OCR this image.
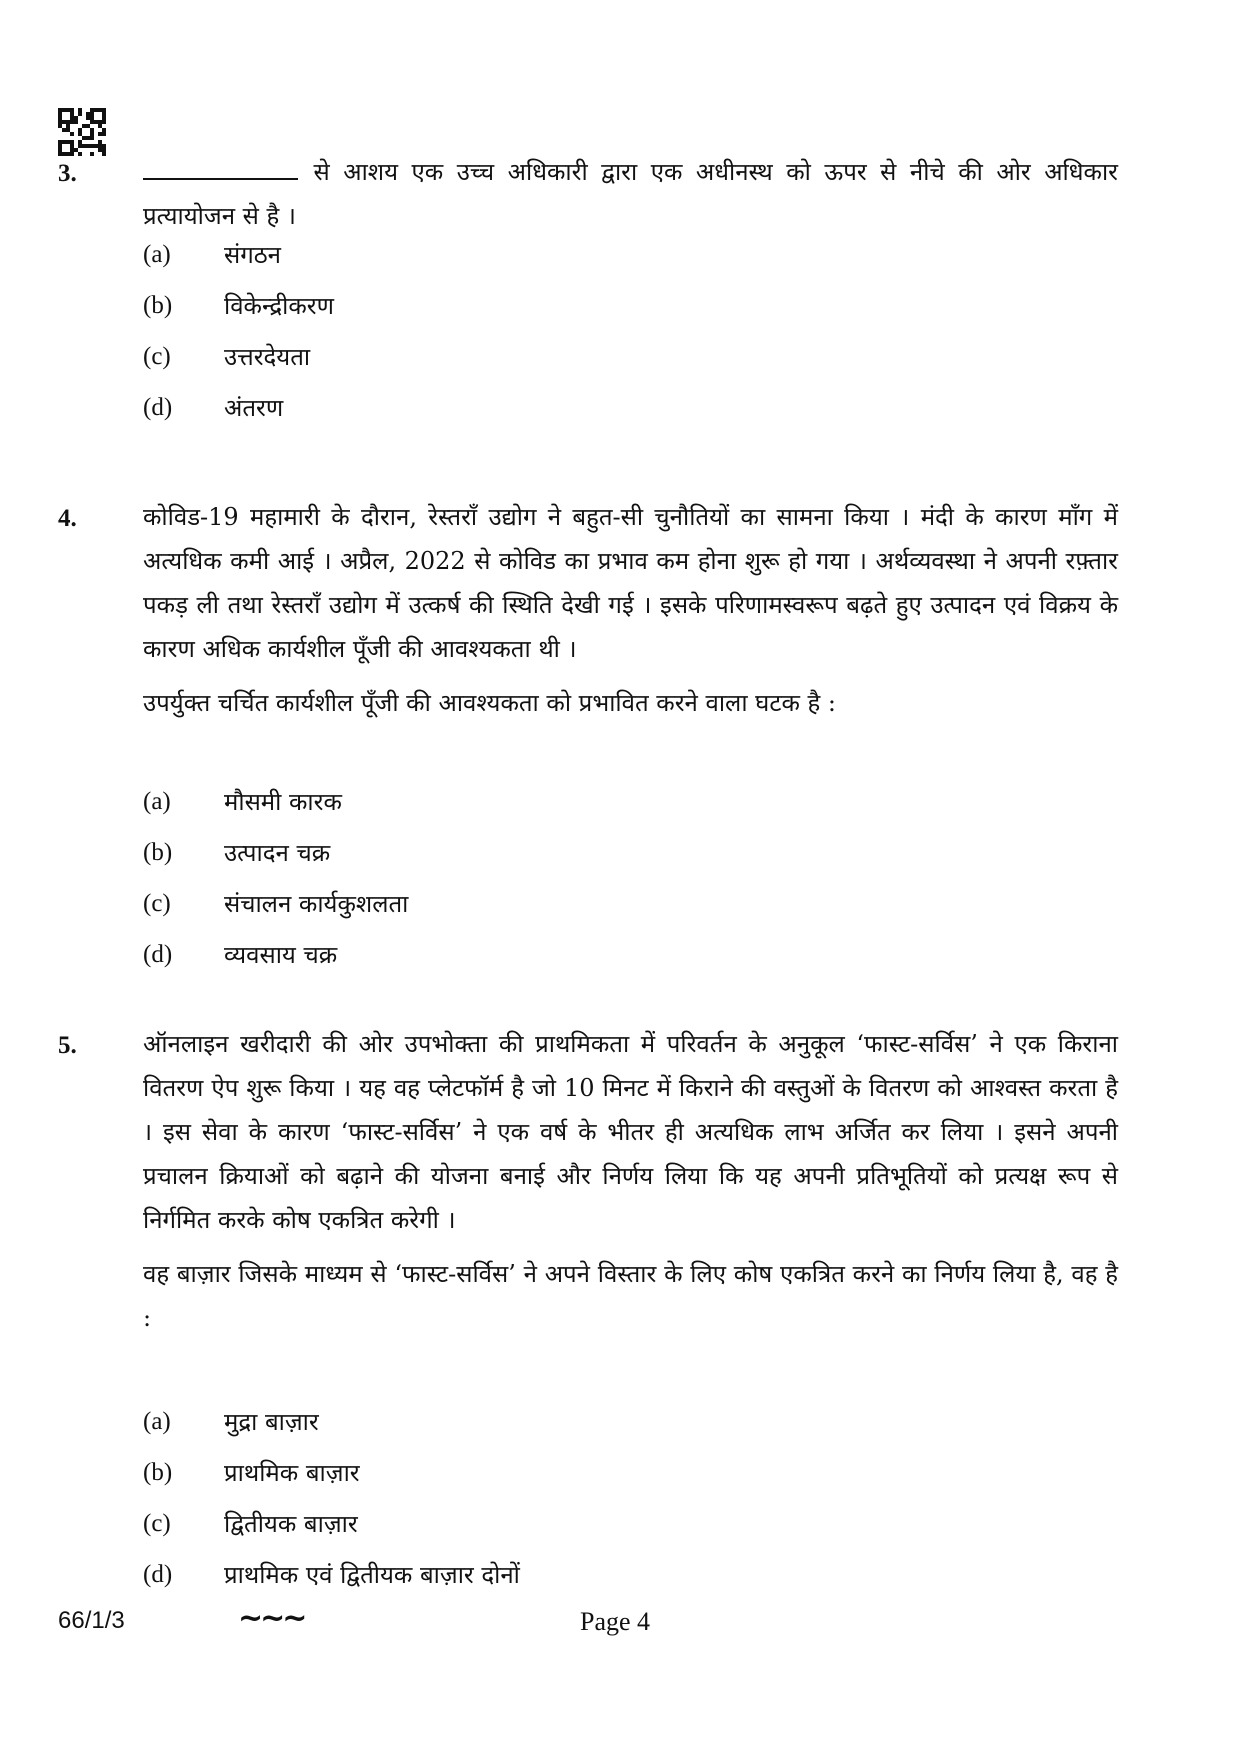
3.	से आशय एक उच्च अधिकारी द्वारा एक अधीनस्थ को ऊपर से नीचे की ओर अधिकार प्रत्यायोजन से है ।
(a)	संगठन
(b)	विकेन्द्रीकरण
(c)	उत्तरदेयता
(d)	अंतरण
4.	कोविड-19 महामारी के दौरान, रेस्तराँ उद्योग ने बहुत-सी चुनौतियों का सामना किया । मंदी के कारण माँग में अत्यधिक कमी आई । अप्रैल, 2022 से कोविड का प्रभाव कम होना शुरू हो गया । अर्थव्यवस्था ने अपनी रफ़्तार पकड़ ली तथा रेस्तराँ उद्योग में उत्कर्ष की स्थिति देखी गई । इसके परिणामस्वरूप बढ़ते हुए उत्पादन एवं विक्रय के कारण अधिक कार्यशील पूँजी की आवश्यकता थी ।

उपर्युक्त चर्चित कार्यशील पूँजी की आवश्यकता को प्रभावित करने वाला घटक है :

(a)	मौसमी कारक
(b)	उत्पादन चक्र
(c)	संचालन कार्यकुशलता
(d)	व्यवसाय चक्र
5.	ऑनलाइन खरीदारी की ओर उपभोक्ता की प्राथमिकता में परिवर्तन के अनुकूल ‘फास्ट-सर्विस’ ने एक किराना वितरण ऐप शुरू किया । यह वह प्लेटफॉर्म है जो 10 मिनट में किराने की वस्तुओं के वितरण को आश्वस्त करता है । इस सेवा के कारण ‘फास्ट-सर्विस’ ने एक वर्ष के भीतर ही अत्यधिक लाभ अर्जित कर लिया । इसने अपनी प्रचालन क्रियाओं को बढ़ाने की योजना बनाई और निर्णय लिया कि यह अपनी प्रतिभूतियों को प्रत्यक्ष रूप से निर्गमित करके कोष एकत्रित करेगी ।

वह बाज़ार जिसके माध्यम से ‘फास्ट-सर्विस’ ने अपने विस्तार के लिए कोष एकत्रित करने का निर्णय लिया है, वह है :

(a)	मुद्रा बाज़ार
(b)	प्राथमिक बाज़ार
(c)	द्वितीयक बाज़ार
(d)	प्राथमिक एवं द्वितीयक बाज़ार दोनों
66/1/3	~~~	Page 4
